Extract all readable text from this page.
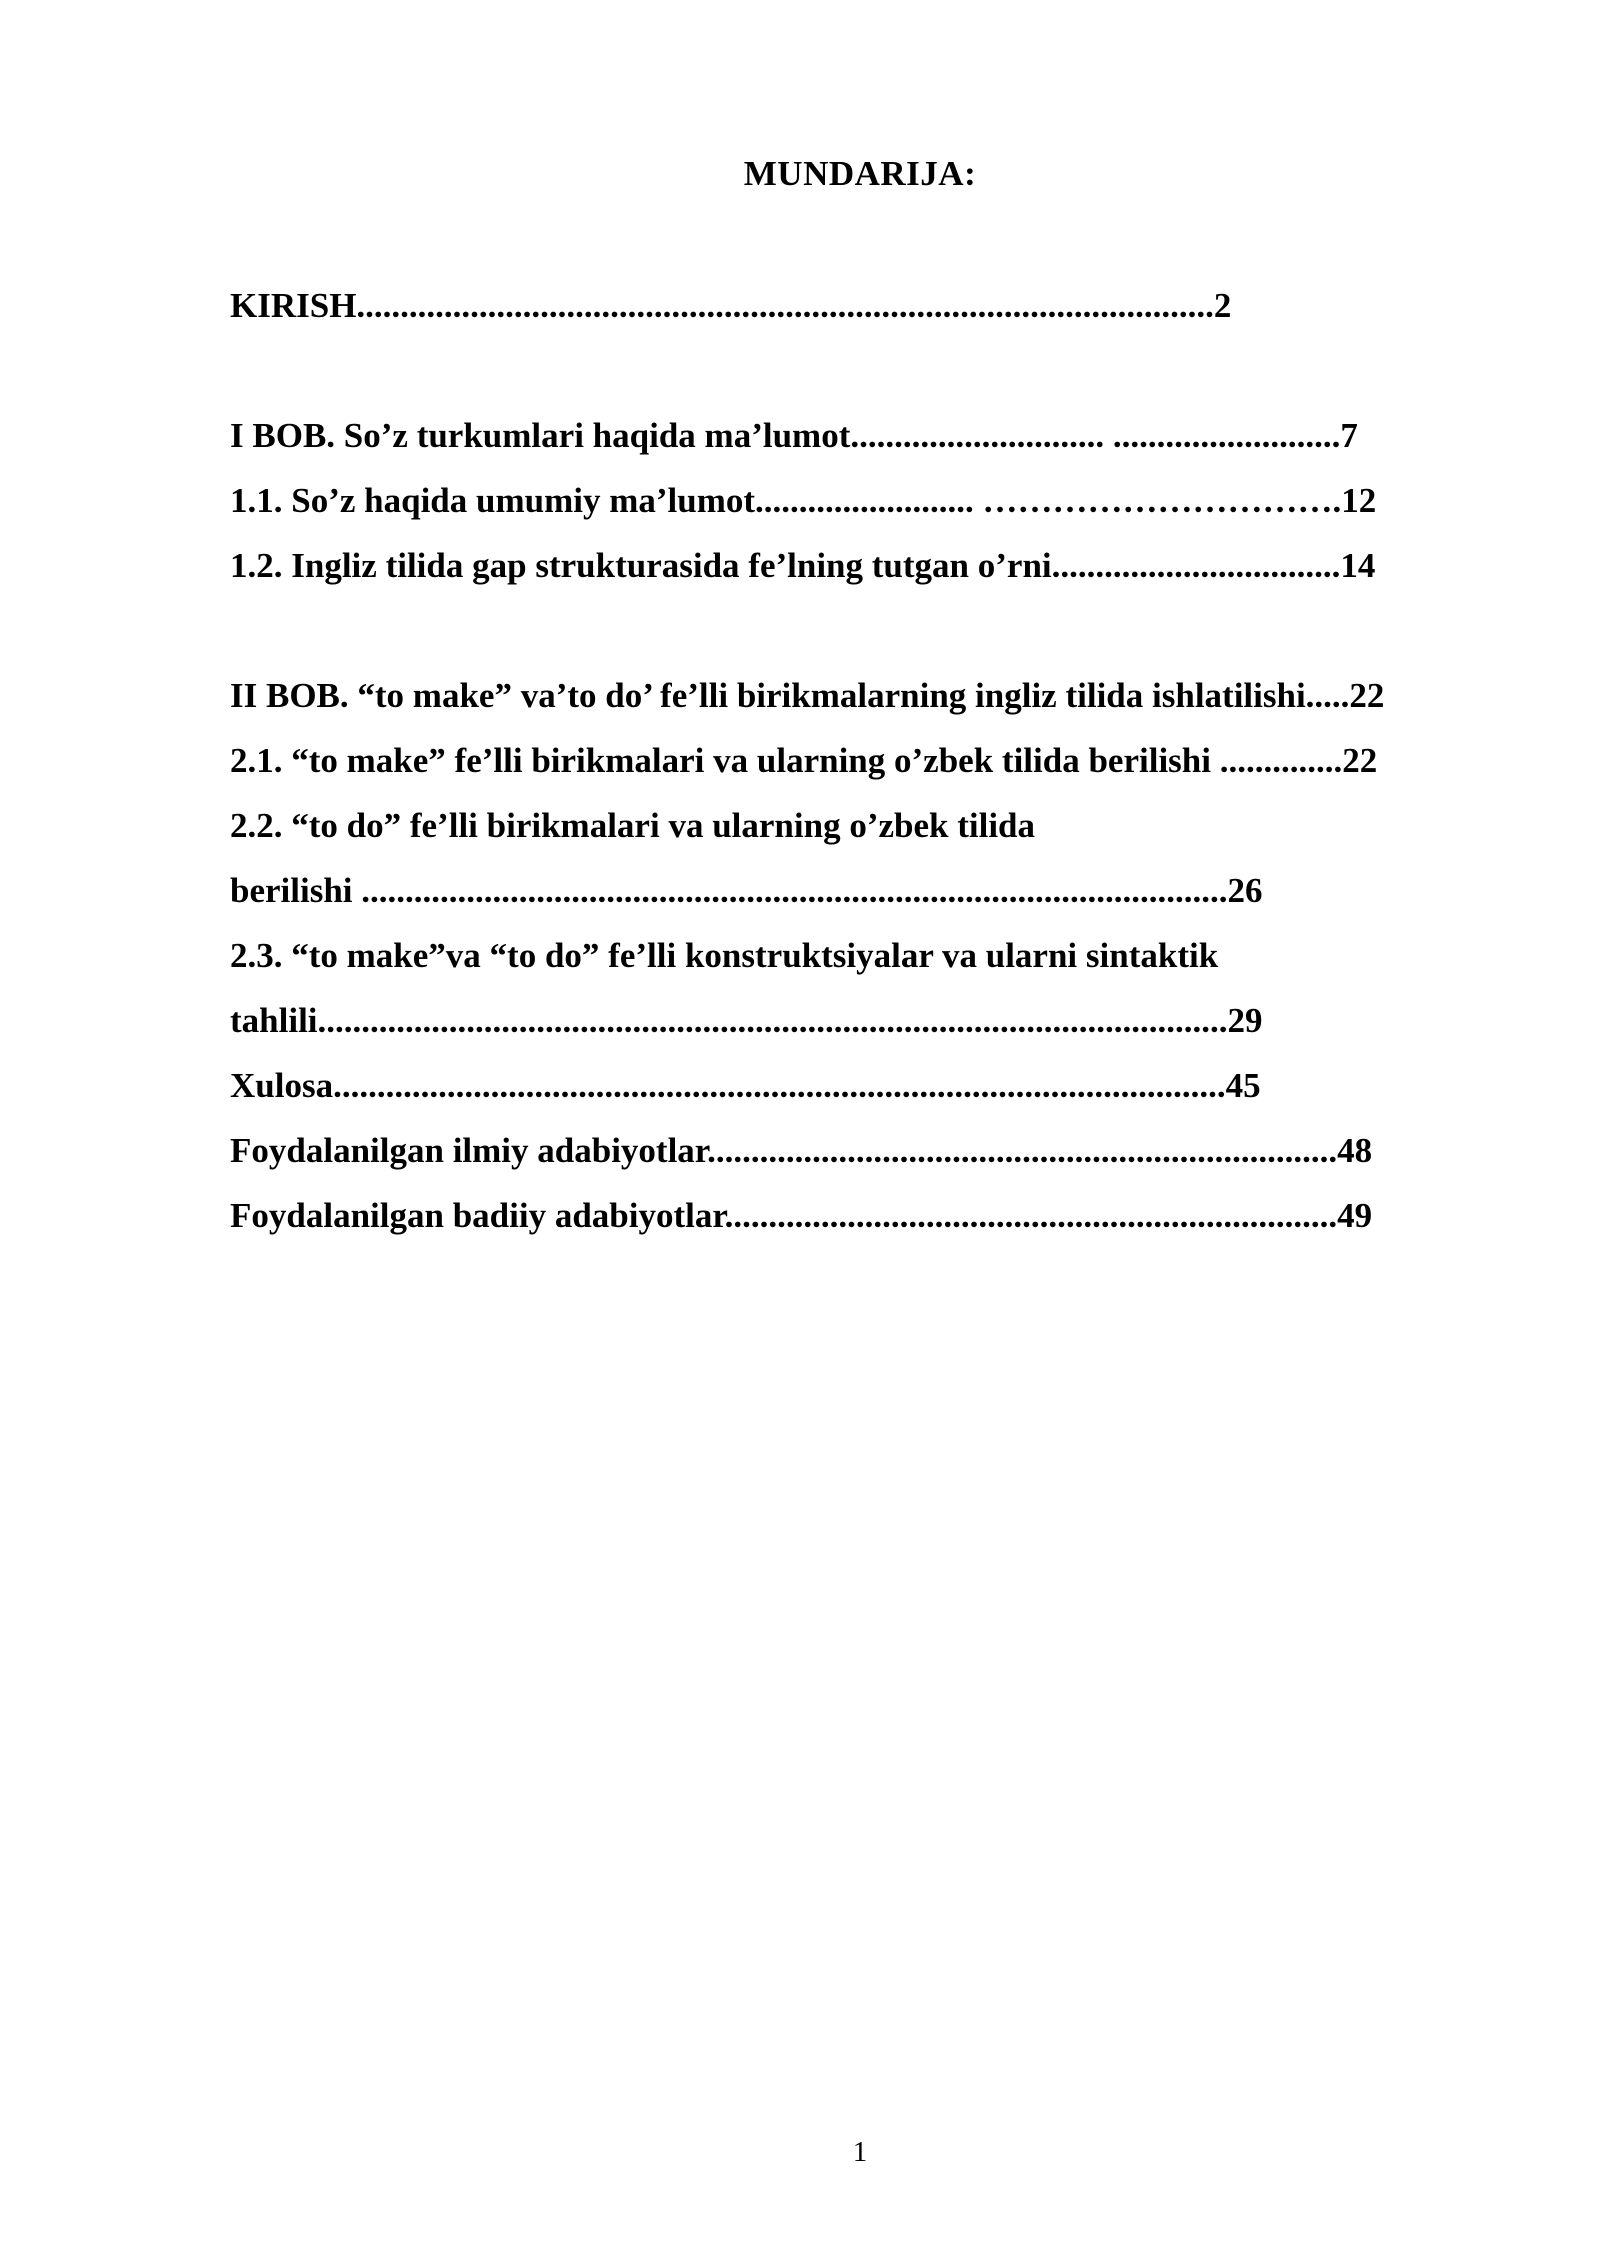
MUNDARIJA:
KIRISH..................................................................................................2
I BOB. So’z turkumlari haqida ma’lumot............................. ..........................7
1.1. So’z haqida umumiy ma’lumot......................... ………………………….12
1.2. Ingliz tilida gap strukturasida fe’lning tutgan o’rni.................................14
II BOB. “to make” va’to do’ fe’lli birikmalarning ingliz tilida ishlatilishi.....22
2.1. “to make” fe’lli birikmalari va ularning o’zbek tilida berilishi ..............22
2.2. “to do” fe’lli birikmalari va ularning o’zbek tilida
berilishi ...................................................................................................26
2.3. “to make”va “to do” fe’lli konstruktsiyalar va ularni sintaktik
tahlili........................................................................................................29
Xulosa......................................................................................................45
Foydalanilgan ilmiy adabiyotlar........................................................................48
Foydalanilgan badiiy adabiyotlar......................................................................49
1
